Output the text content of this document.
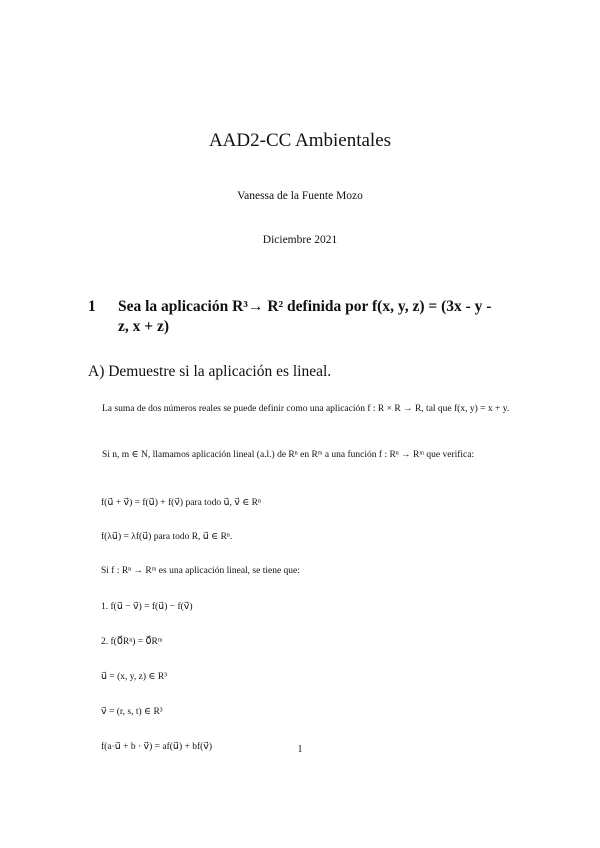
AAD2-CC Ambientales
Vanessa de la Fuente Mozo
Diciembre 2021
1	Sea la aplicación R³→ R² definida por f(x, y, z) = (3x - y -

z, x + z)
A) Demuestre si la aplicación es lineal.
La suma de dos números reales se puede definir como una aplicación f : R × R → R, tal que f(x, y) = x + y.
Si n, m ∈ N, llamamos aplicación lineal (a.l.) de Rⁿ en Rᵐ a una función f : Rⁿ → Rᵐ que verifica:
f(u⃗ + v⃗) = f(u⃗) + f(v⃗) para todo u⃗, v⃗ ∈ Rⁿ
f(λu⃗) = λf(u⃗) para todo R, u⃗ ∈ Rⁿ.
Si f : Rⁿ → Rᵐ es una aplicación lineal, se tiene que:
1. f(u⃗ − v⃗) = f(u⃗) − f(v⃗)
2. f(0⃗Rⁿ) = 0⃗Rᵐ
u⃗ = (x, y, z) ∈ R³
v⃗ = (r, s, t) ∈ R³
f(a·u⃗ + b · v⃗) = af(u⃗) + bf(v⃗)	1
